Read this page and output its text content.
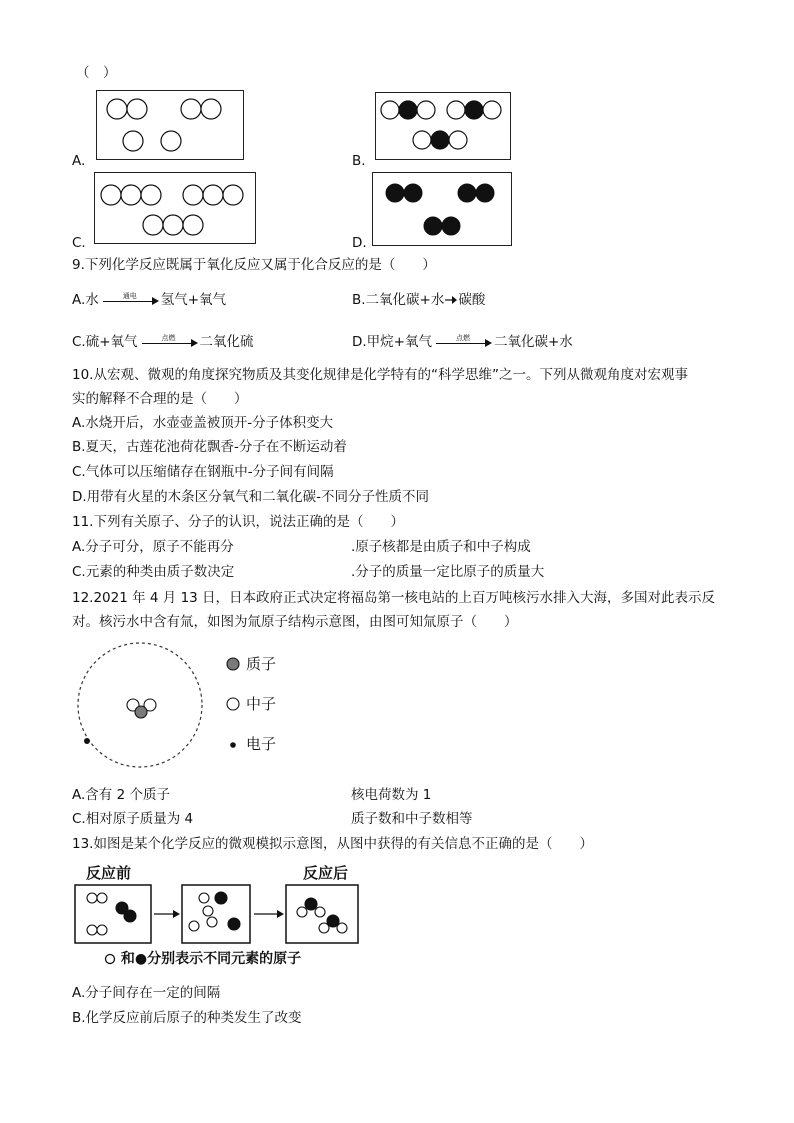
（　）
A.	B.
C.	D.
9.下列化学反应既属于氧化反应又属于化合反应的是（　　）
A.水	通电	氢气+氧气	B.二氧化碳+水 碳酸
C.硫+氧气	点燃	二氧化硫	D.甲烷+氧气	点燃	二氧化碳+水
10.从宏观、微观的角度探究物质及其变化规律是化学特有的“科学思维”之一。下列从微观角度对宏观事
实的解释不合理的是（　　）
A.水烧开后，水壶壶盖被顶开-分子体积变大
B.夏天，古莲花池荷花飘香-分子在不断运动着
C.气体可以压缩储存在钢瓶中-分子间有间隔
D.用带有火星的木条区分氧气和二氧化碳-不同分子性质不同
11.下列有关原子、分子的认识，说法正确的是（　　）
A.分子可分，原子不能再分	.原子核都是由质子和中子构成
C.元素的种类由质子数决定	.分子的质量一定比原子的质量大
12.2021 年 4 月 13 日，日本政府正式决定将福岛第一核电站的上百万吨核污水排入大海，多国对此表示反
对。核污水中含有氚，如图为氚原子结构示意图，由图可知氚原子（　　）
质子
中子
电子
A.含有 2 个质子	核电荷数为 1
C.相对原子质量为 4	质子数和中子数相等
13.如图是某个化学反应的微观模拟示意图，从图中获得的有关信息不正确的是（　　）
反应前	反应后
和●分别表示不同元素的原子
A.分子间存在一定的间隔
B.化学反应前后原子的种类发生了改变
